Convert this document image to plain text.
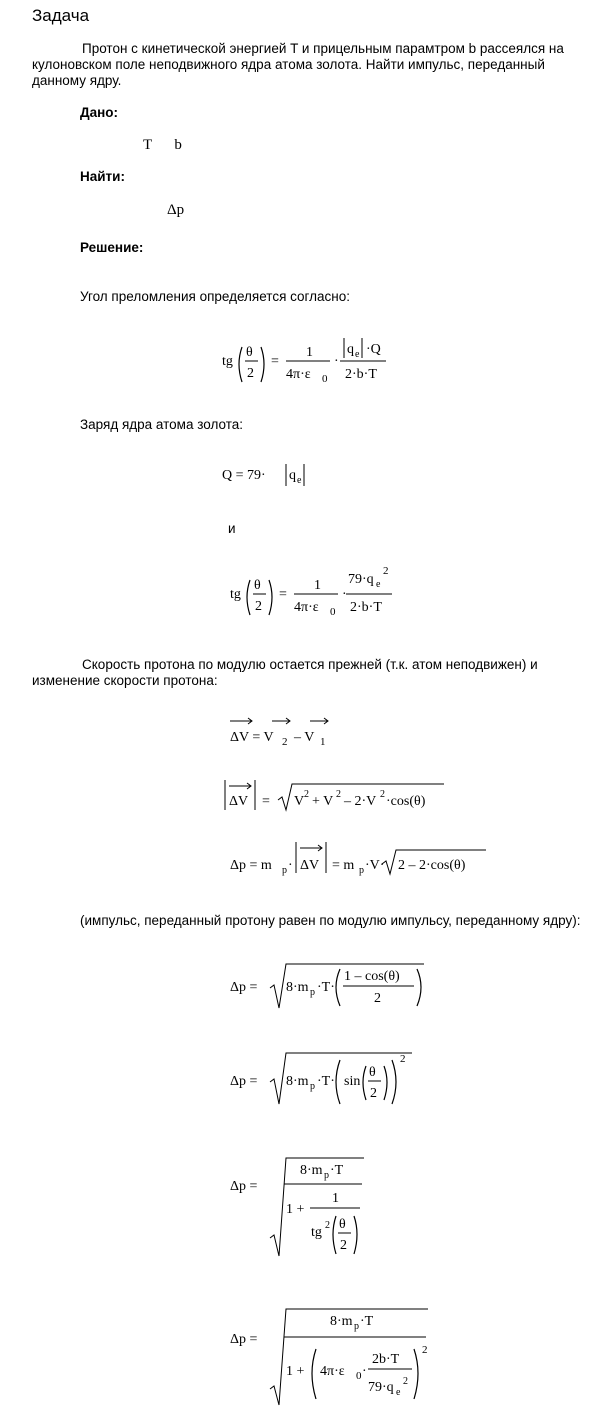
Задача
Протон с кинетической энергией T и прицельным парамтром b рассеялся на
кулоновском поле неподвижного ядра атома золота. Найти импульс, переданный
данному ядру.
Дано:
T      b
Найти:
Δp
Решение:
Угол преломления определяется согласно:
tg
θ
2
=
1
4π·ε 0
·
q e ·Q
2·b·T
Заряд ядра атома золота:
Q = 79· q e
и
tg
θ
2
=
1
4π·ε 0
·
79·q e
2
2·b·T
Скорость протона по модулю остается прежней (т.к. атом неподвижен) и
изменение скорости протона:
ΔV = V 2 – V 1
ΔV = V 2 + V 2 – 2·V 2 ·cos(θ)
Δp = m p · ΔV = m p ·V· 2 – 2·cos(θ)
(импульс, переданный протону равен по модулю импульсу, переданному ядру):
Δp = 8·m p ·T·
1 – cos(θ)
2
Δp = 8·m p ·T· sin
θ
2
2
Δp =
8·m p ·T
1 +
1
tg 2 θ
2
Δp =
8·m p ·T
1 + 4π·ε 0 ·
2b·T
79·q e
2
2
